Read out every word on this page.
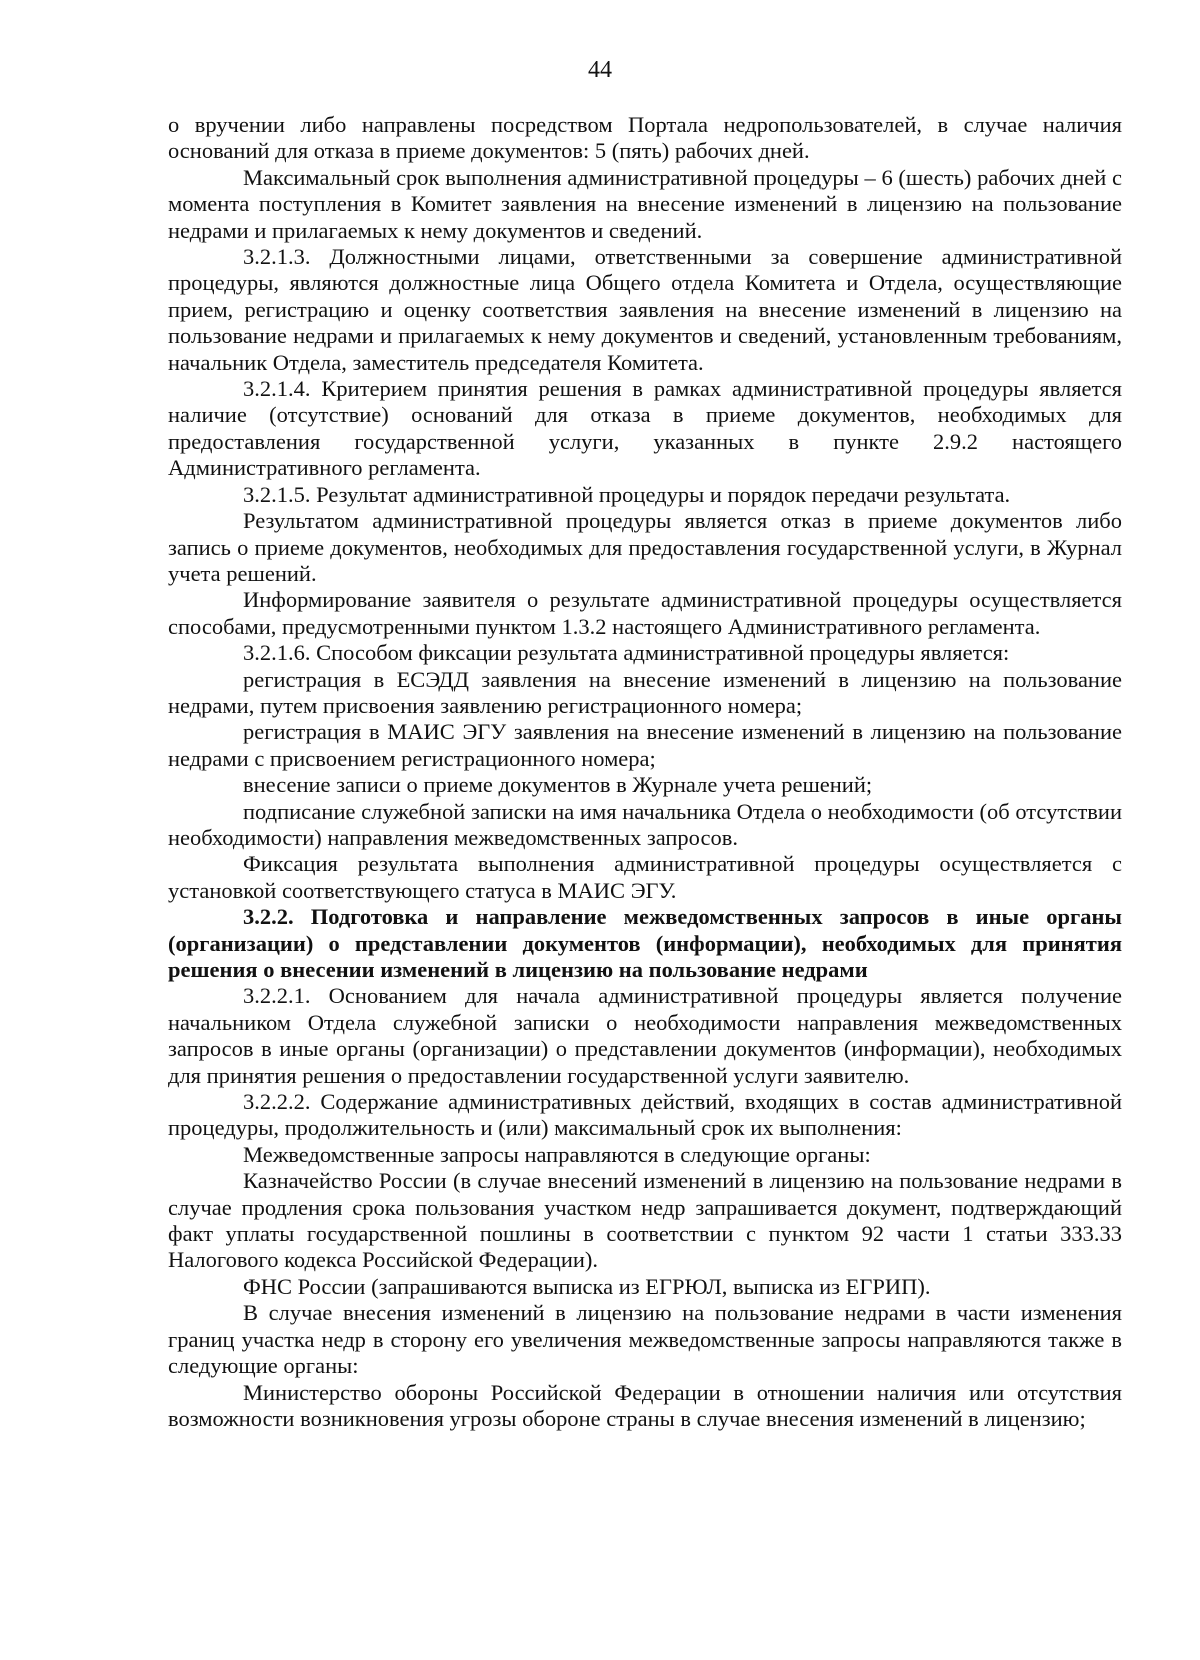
44

о вручении либо направлены посредством Портала недропользователей, в случае наличия оснований для отказа в приеме документов: 5 (пять) рабочих дней.

Максимальный срок выполнения административной процедуры – 6 (шесть) рабочих дней с момента поступления в Комитет заявления на внесение изменений в лицензию на пользование недрами и прилагаемых к нему документов и сведений.

3.2.1.3. Должностными лицами, ответственными за совершение административной процедуры, являются должностные лица Общего отдела Комитета и Отдела, осуществляющие прием, регистрацию и оценку соответствия заявления на внесение изменений в лицензию на пользование недрами и прилагаемых к нему документов и сведений, установленным требованиям, начальник Отдела, заместитель председателя Комитета.

3.2.1.4. Критерием принятия решения в рамках административной процедуры является наличие (отсутствие) оснований для отказа в приеме документов, необходимых для предоставления государственной услуги, указанных в пункте 2.9.2 настоящего Административного регламента.

3.2.1.5. Результат административной процедуры и порядок передачи результата.

Результатом административной процедуры является отказ в приеме документов либо запись о приеме документов, необходимых для предоставления государственной услуги, в Журнал учета решений.

Информирование заявителя о результате административной процедуры осуществляется способами, предусмотренными пунктом 1.3.2 настоящего Административного регламента.

3.2.1.6. Способом фиксации результата административной процедуры является:

регистрация в ЕСЭДД заявления на внесение изменений в лицензию на пользование недрами, путем присвоения заявлению регистрационного номера;

регистрация в МАИС ЭГУ заявления на внесение изменений в лицензию на пользование недрами с присвоением регистрационного номера;

внесение записи о приеме документов в Журнале учета решений;

подписание служебной записки на имя начальника Отдела о необходимости (об отсутствии необходимости) направления межведомственных запросов.

Фиксация результата выполнения административной процедуры осуществляется с установкой соответствующего статуса в МАИС ЭГУ.

3.2.2. Подготовка и направление межведомственных запросов в иные органы (организации) о представлении документов (информации), необходимых для принятия решения о внесении изменений в лицензию на пользование недрами

3.2.2.1. Основанием для начала административной процедуры является получение начальником Отдела служебной записки о необходимости направления межведомственных запросов в иные органы (организации) о представлении документов (информации), необходимых для принятия решения о предоставлении государственной услуги заявителю.

3.2.2.2. Содержание административных действий, входящих в состав административной процедуры, продолжительность и (или) максимальный срок их выполнения:

Межведомственные запросы направляются в следующие органы:

Казначейство России (в случае внесений изменений в лицензию на пользование недрами в случае продления срока пользования участком недр запрашивается документ, подтверждающий факт уплаты государственной пошлины в соответствии с пунктом 92 части 1 статьи 333.33 Налогового кодекса Российской Федерации).

ФНС России (запрашиваются выписка из ЕГРЮЛ, выписка из ЕГРИП).

В случае внесения изменений в лицензию на пользование недрами в части изменения границ участка недр в сторону его увеличения межведомственные запросы направляются также в следующие органы:

Министерство обороны Российской Федерации в отношении наличия или отсутствия возможности возникновения угрозы обороне страны в случае внесения изменений в лицензию;
